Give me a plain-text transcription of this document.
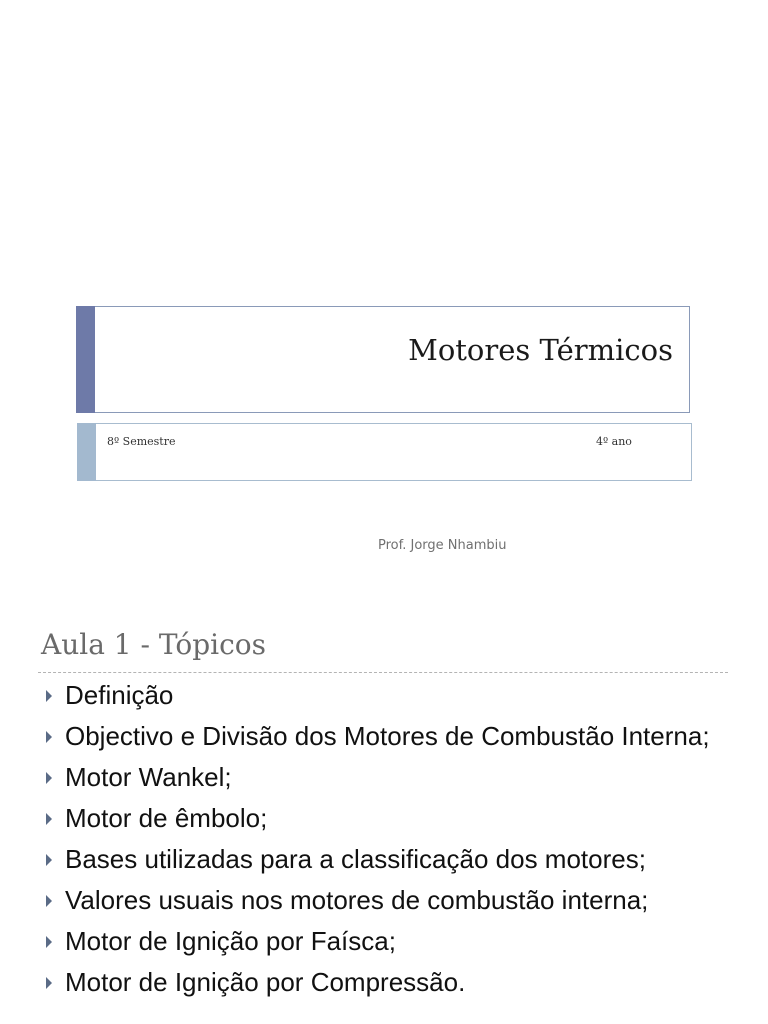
Motores Térmicos
8º Semestre	4º ano
Prof. Jorge Nhambiu
Aula 1 - Tópicos
Definição
Objectivo e Divisão dos Motores de Combustão Interna;
Motor Wankel;
Motor de êmbolo;
Bases utilizadas para a classificação dos motores;
Valores usuais nos motores de combustão interna;
Motor de Ignição por Faísca;
Motor de Ignição por Compressão.
